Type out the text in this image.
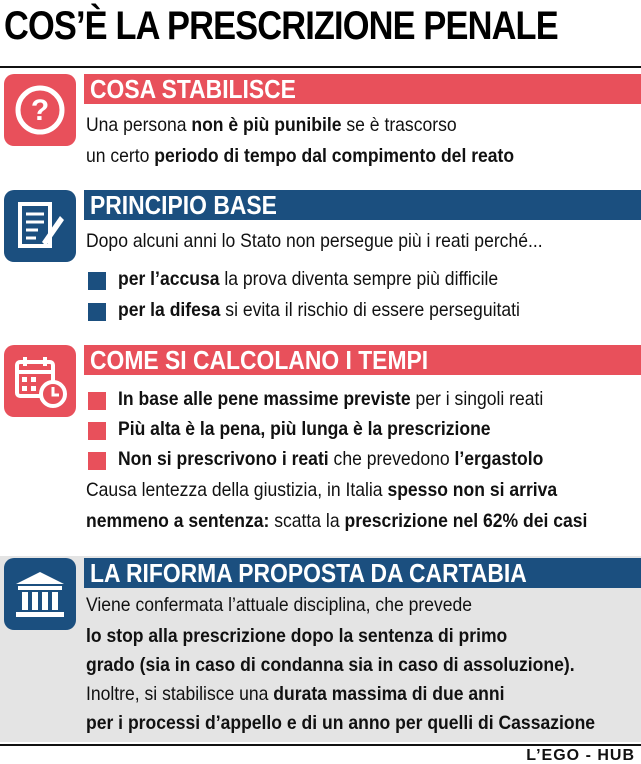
COS’È LA PRESCRIZIONE PENALE
?
COSA STABILISCE
Una persona non è più punibile se è trascorso
un certo periodo di tempo dal compimento del reato
PRINCIPIO BASE
Dopo alcuni anni lo Stato non persegue più i reati perché...
per l’accusa la prova diventa sempre più difficile
per la difesa si evita il rischio di essere perseguitati
COME SI CALCOLANO I TEMPI
In base alle pene massime previste per i singoli reati
Più alta è la pena, più lunga è la prescrizione
Non si prescrivono i reati che prevedono l’ergastolo
Causa lentezza della giustizia, in Italia spesso non si arriva
nemmeno a sentenza: scatta la prescrizione nel 62% dei casi
LA RIFORMA PROPOSTA DA CARTABIA
Viene confermata l’attuale disciplina, che prevede
lo stop alla prescrizione dopo la sentenza di primo
grado (sia in caso di condanna sia in caso di assoluzione).
Inoltre, si stabilisce una durata massima di due anni
per i processi d’appello e di un anno per quelli di Cassazione
L’EGO - HUB
